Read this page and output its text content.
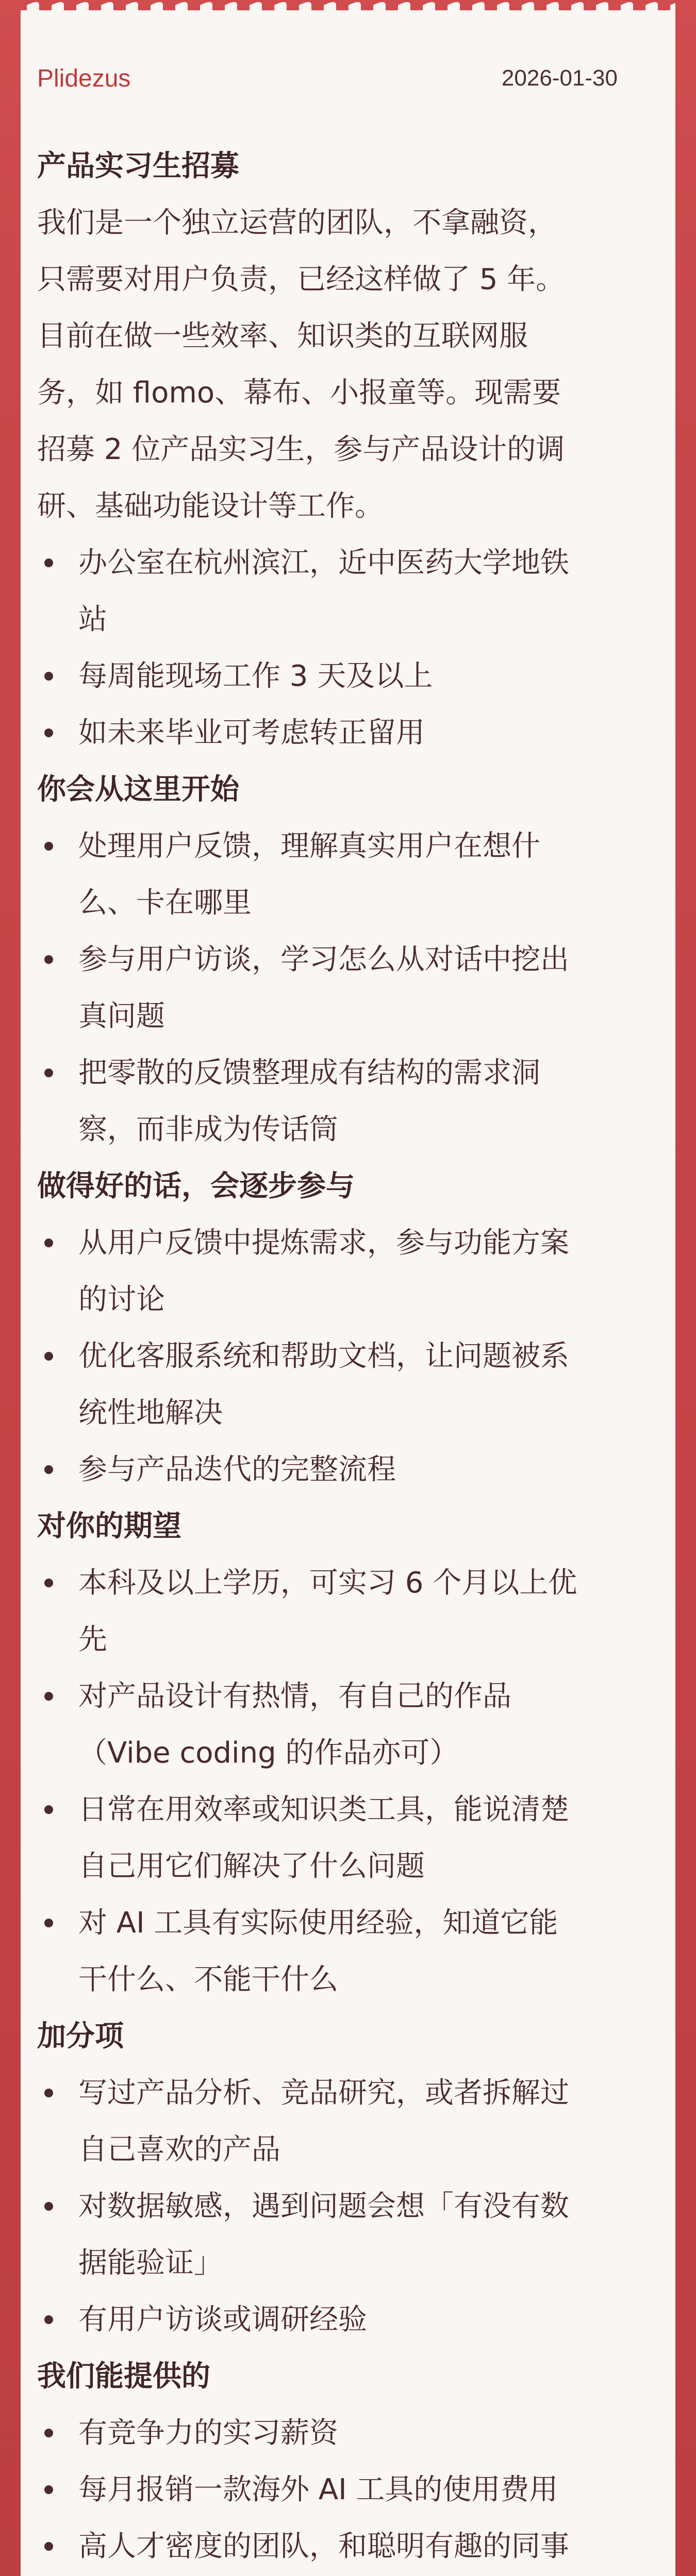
Plidezus	2026-01-30
产品实习生招募

我们是一个独立运营的团队，不拿融资，
只需要对用户负责，已经这样做了 5 年。
目前在做一些效率、知识类的互联网服
务，如 flomo、幕布、小报童等。现需要
招募 2 位产品实习生，参与产品设计的调
研、基础功能设计等工作。

办公室在杭州滨江，近中医药大学地铁
站
每周能现场工作 3 天及以上
如未来毕业可考虑转正留用
你会从这里开始
处理用户反馈，理解真实用户在想什
么、卡在哪里
参与用户访谈，学习怎么从对话中挖出
真问题
把零散的反馈整理成有结构的需求洞
察，而非成为传话筒
做得好的话，会逐步参与
从用户反馈中提炼需求，参与功能方案
的讨论
优化客服系统和帮助文档，让问题被系
统性地解决
参与产品迭代的完整流程
对你的期望
本科及以上学历，可实习 6 个月以上优
先
对产品设计有热情，有自己的作品
（Vibe coding 的作品亦可）
日常在用效率或知识类工具，能说清楚
自己用它们解决了什么问题
对 AI 工具有实际使用经验，知道它能
干什么、不能干什么
加分项
写过产品分析、竞品研究，或者拆解过
自己喜欢的产品
对数据敏感，遇到问题会想「有没有数
据能验证」
有用户访谈或调研经验
我们能提供的
有竞争力的实习薪资
每月报销一款海外 AI 工具的使用费用
高人才密度的团队，和聪明有趣的同事
